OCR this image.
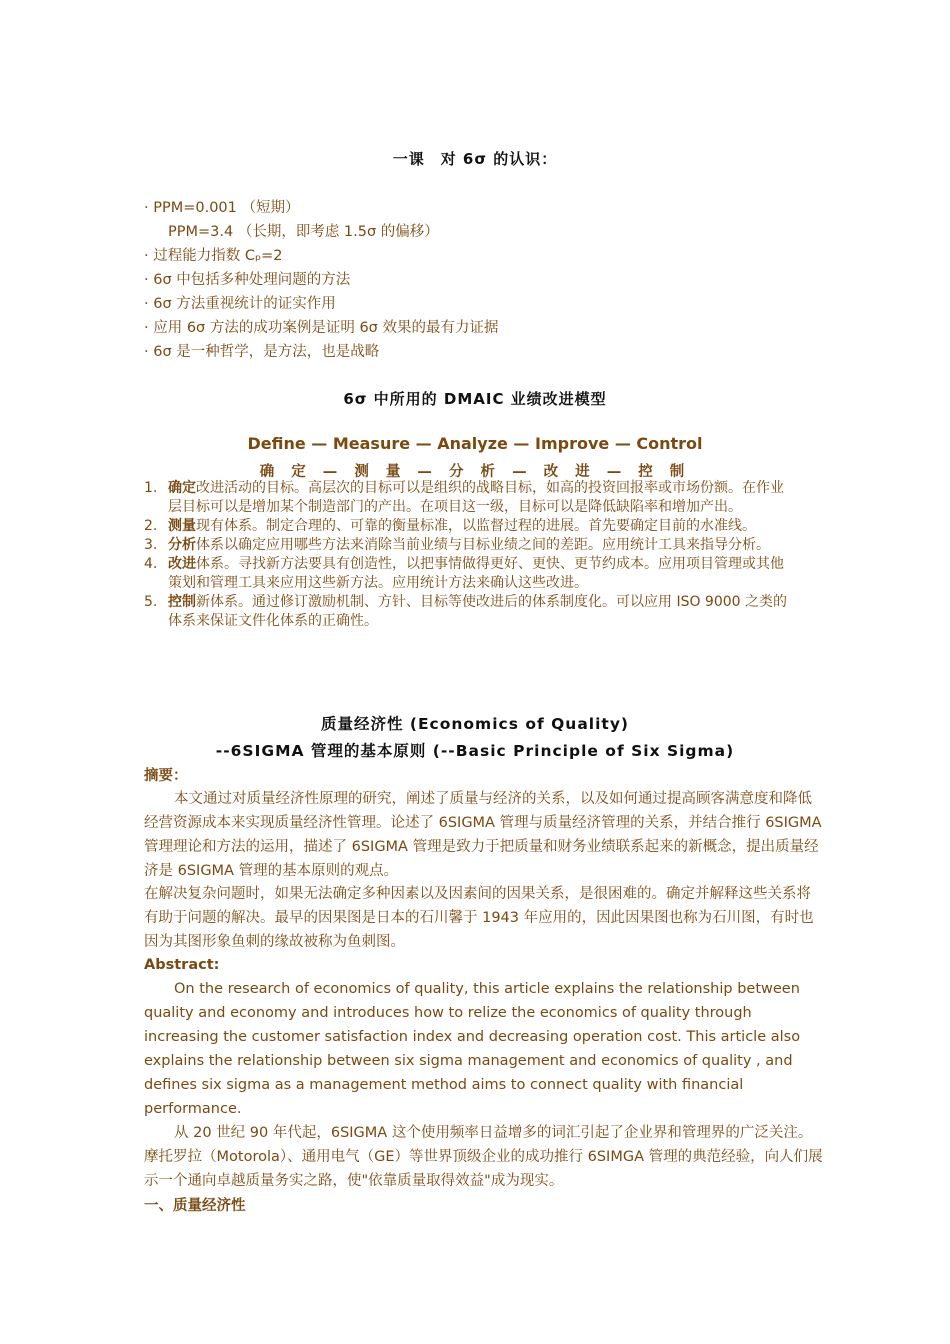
一课　对 6σ 的认识：
· PPM=0.001 （短期）
PPM=3.4 （长期，即考虑 1.5σ 的偏移）
· 过程能力指数 Cₚ=2
· 6σ 中包括多种处理问题的方法
· 6σ 方法重视统计的证实作用
· 应用 6σ 方法的成功案例是证明 6σ 效果的最有力证据
· 6σ 是一种哲学，是方法，也是战略
6σ 中所用的 DMAIC 业绩改进模型
Define — Measure — Analyze — Improve — Control
确 定 — 测 量 — 分 析 — 改 进 — 控 制
1. 确定改进活动的目标。高层次的目标可以是组织的战略目标，如高的投资回报率或市场份额。在作业层目标可以是增加某个制造部门的产出。在项目这一级，目标可以是降低缺陷率和增加产出。
2. 测量现有体系。制定合理的、可靠的衡量标准，以监督过程的进展。首先要确定目前的水准线。
3. 分析体系以确定应用哪些方法来消除当前业绩与目标业绩之间的差距。应用统计工具来指导分析。
4. 改进体系。寻找新方法要具有创造性，以把事情做得更好、更快、更节约成本。应用项目管理或其他策划和管理工具来应用这些新方法。应用统计方法来确认这些改进。
5. 控制新体系。通过修订激励机制、方针、目标等使改进后的体系制度化。可以应用 ISO 9000 之类的体系来保证文件化体系的正确性。
质量经济性 (Economics of Quality)
--6SIGMA 管理的基本原则 (--Basic Principle of Six Sigma)
摘要：
本文通过对质量经济性原理的研究，阐述了质量与经济的关系，以及如何通过提高顾客满意度和降低经营资源成本来实现质量经济性管理。论述了 6SIGMA 管理与质量经济管理的关系，并结合推行 6SIGMA 管理理论和方法的运用，描述了 6SIGMA 管理是致力于把质量和财务业绩联系起来的新概念，提出质量经济是 6SIGMA 管理的基本原则的观点。
在解决复杂问题时，如果无法确定多种因素以及因素间的因果关系，是很困难的。确定并解释这些关系将有助于问题的解决。最早的因果图是日本的石川馨于 1943 年应用的，因此因果图也称为石川图，有时也因为其图形象鱼刺的缘故被称为鱼刺图。
Abstract:
On the research of economics of quality, this article explains the relationship between quality and economy and introduces how to relize the economics of quality through increasing the customer satisfaction index and decreasing operation cost. This article also explains the relationship between six sigma management and economics of quality , and defines six sigma as a management method aims to connect quality with financial performance.
从 20 世纪 90 年代起，6SIGMA 这个使用频率日益增多的词汇引起了企业界和管理界的广泛关注。摩托罗拉（Motorola）、通用电气（GE）等世界顶级企业的成功推行 6SIMGA 管理的典范经验，向人们展示一个通向卓越质量务实之路，使"依靠质量取得效益"成为现实。
一、质量经济性
